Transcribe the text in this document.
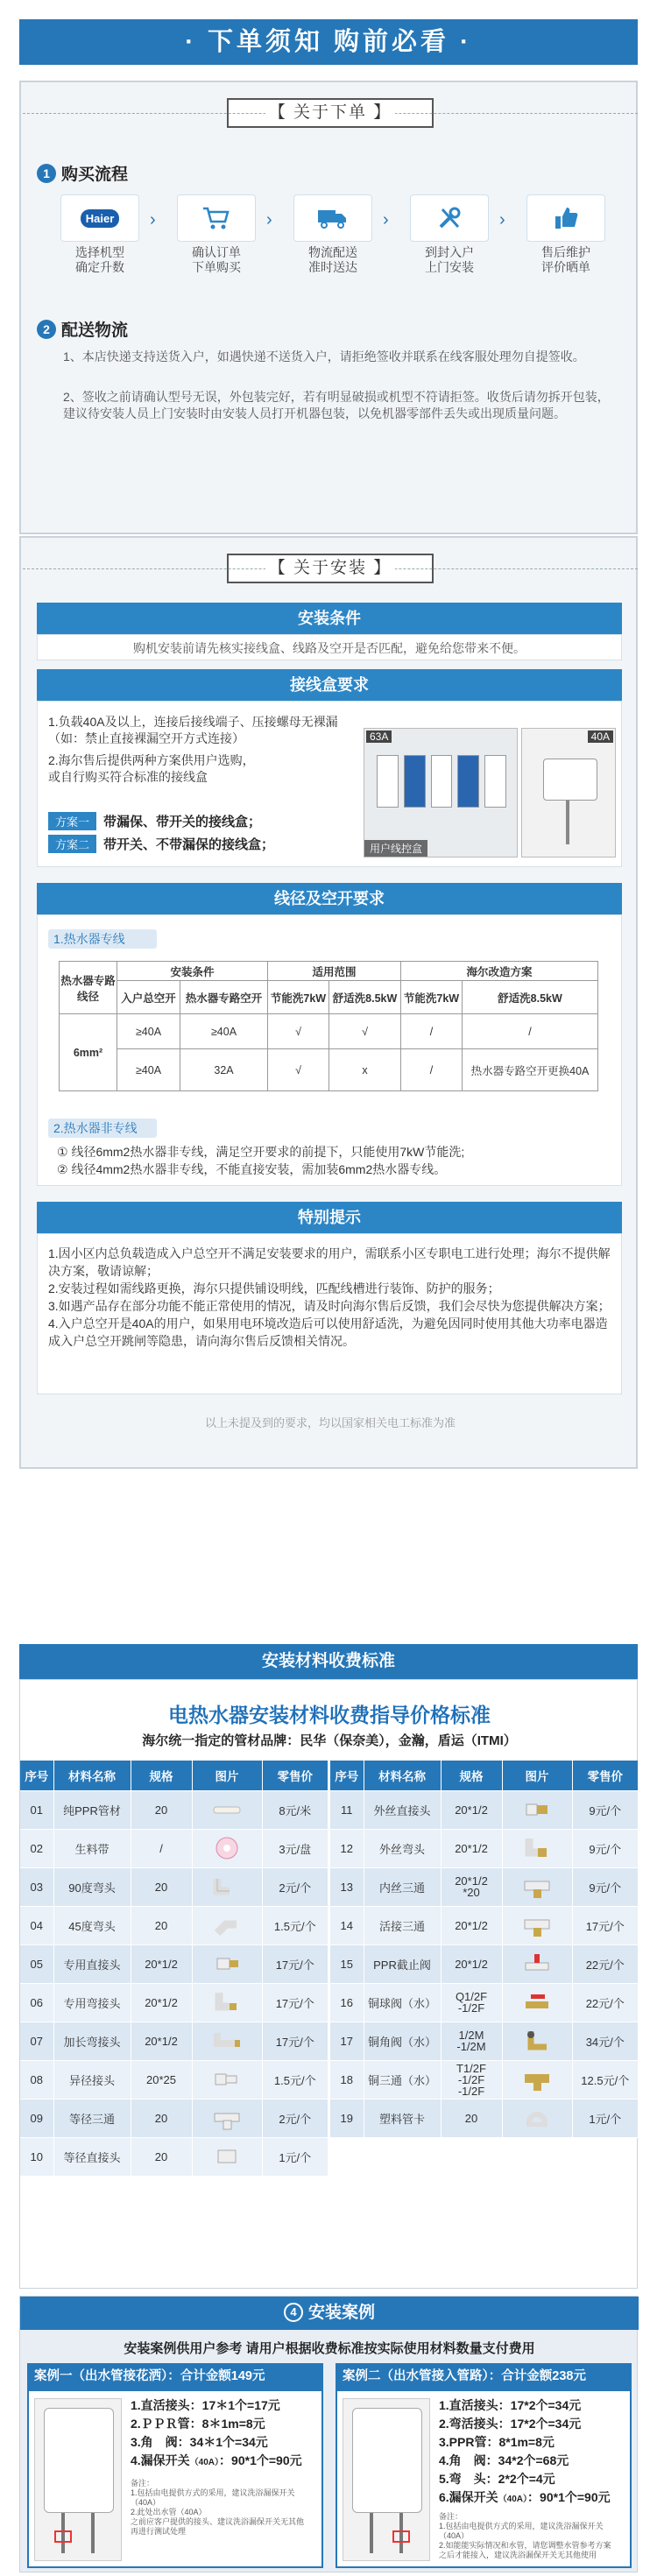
· 下单须知 购前必看 ·
【 关于下单 】
1 购买流程
Haier
选择机型
确定升数
›
确认订单
下单购买
›
物流配送
准时送达
›
到封入户
上门安装
›
售后维护
评价晒单
2 配送物流
1、本店快递支持送货入户，如遇快递不送货入户，请拒绝签收并联系在线客服处理勿自提签收。
2、签收之前请确认型号无误，外包装完好，若有明显破损或机型不符请拒签。收货后请勿拆开包装，建议待安装人员上门安装时由安装人员打开机器包装，以免机器零部件丢失或出现质量问题。
【 关于安装 】
安装条件
购机安装前请先核实接线盒、线路及空开是否匹配，避免给您带来不便。
接线盒要求
1.负载40A及以上，连接后接线端子、压接螺母无裸漏（如：禁止直接裸漏空开方式连接）
2.海尔售后提供两种方案供用户选购，
或自行购买符合标准的接线盒
方案一 带漏保、带开关的接线盒；
方案二 带开关、不带漏保的接线盒；
63A
用户线控盒
40A
线径及空开要求
1.热水器专线
热水器专路线径	安装条件		适用范围		海尔改造方案	
	入户总空开	热水器专路空开	节能洗7kW	舒适洗8.5kW	节能洗7kW	舒适洗8.5kW
6mm²	≥40A	≥40A	√	√	/	/
	≥40A	32A	√	x	/	热水器专路空开更换40A
2.热水器非专线
① 线径6mm2热水器非专线，满足空开要求的前提下，只能使用7kW节能洗;
② 线径4mm2热水器非专线，不能直接安装，需加装6mm2热水器专线。
特别提示
1.因小区内总负载造成入户总空开不满足安装要求的用户，需联系小区专职电工进行处理；海尔不提供解决方案，敬请谅解；
2.安装过程如需线路更换，海尔只提供铺设明线，匹配线槽进行装饰、防护的服务；
3.如遇产品存在部分功能不能正常使用的情况，请及时向海尔售后反馈，我们会尽快为您提供解决方案；
4.入户总空开是40A的用户，如果用电环境改造后可以使用舒适洗，为避免因同时使用其他大功率电器造成入户总空开跳闸等隐患，请向海尔售后反馈相关情况。
以上未提及到的要求，均以国家相关电工标准为准
安装材料收费标准
电热水器安装材料收费指导价格标准
海尔统一指定的管材品牌：民华（保奈美），金瀚，盾运（ITMI）
序号	材料名称	规格	图片	零售价
01	纯PPR管材	20		8元/米
02	生料带	/		3元/盘
03	90度弯头	20		2元/个
04	45度弯头	20		1.5元/个
05	专用直接头	20*1/2		17元/个
06	专用弯接头	20*1/2		17元/个
07	加长弯接头	20*1/2		17元/个
08	异径接头	20*25		1.5元/个
09	等径三通	20		2元/个
10	等径直接头	20		1元/个
序号	材料名称	规格	图片	零售价
11	外丝直接头	20*1/2		9元/个
12	外丝弯头	20*1/2		9元/个
13	内丝三通	20*1/2
*20		9元/个
14	活接三通	20*1/2		17元/个
15	PPR截止阀	20*1/2		22元/个
16	铜球阀（水）	Q1/2F
-1/2F		22元/个
17	铜角阀（水）	1/2M
-1/2M		34元/个
18	铜三通（水）	T1/2F
-1/2F
-1/2F		12.5元/个
19	塑料管卡	20		1元/个
4 安装案例
安装案例供用户参考 请用户根据收费标准按实际使用材料数量支付费用
案例一（出水管接花洒）：合计金额149元
1.直活接头：17＊1个=17元
2.ＰＰＲ管：8＊1m=8元
3.角　阀：34＊1个=34元
4.漏保开关（40A）：90*1个=90元
备注：
1.包括由电提供方式的采用，建议洗浴漏保开关（40A）
2.此处出水管（40A）
之前应客户提供的接头、建议洗浴漏保开关无其他
再进行测试处理
案例二（出水管接入管路）：合计金额238元
1.直活接头：17*2个=34元
2.弯活接头：17*2个=34元
3.PPR管：8*1m=8元
4.角　阀：34*2个=68元
5.弯　头：2*2个=4元
6.漏保开关（40A）：90*1个=90元
备注：
1.包括由电提供方式的采用，建议洗浴漏保开关（40A）
2.如能能实际情况和水管，请您调整水管参考方案
之后才能接入，建议洗浴漏保开关无其他使用
